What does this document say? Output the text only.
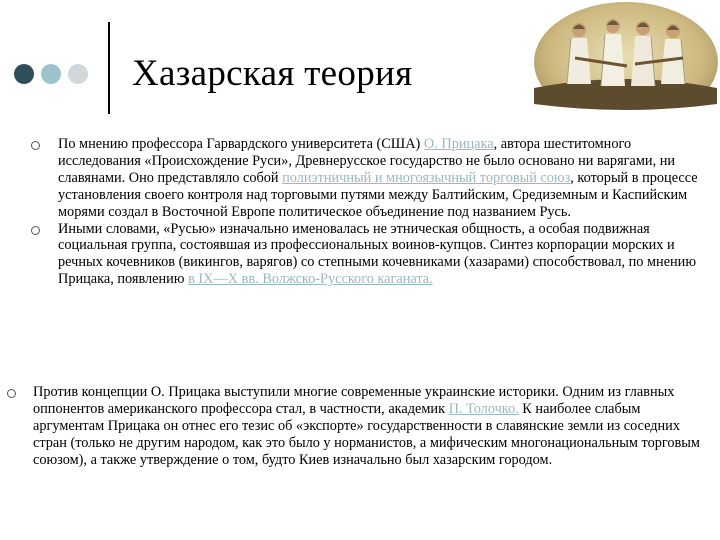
Хазарская теория
По мнению профессора Гарвардского университета (США) О. Прицака, автора шеститомного исследования «Происхождение Руси», Древнерусское государство не было основано ни варягами, ни славянами. Оно представляло собой полиэтничный и многоязычный торговый союз, который в процессе установления своего контроля над торговыми путями между Балтийским, Средиземным и Каспийским морями создал в Восточной Европе политическое объединение под названием Русь.
Иными словами, «Русью» изначально именовалась не этническая общность, а особая подвижная социальная группа, состоявшая из профессиональных воинов-купцов. Синтез корпорации морских и речных кочевников (викингов, варягов) со степными кочевниками (хазарами) способствовал, по мнению Прицака, появлению в IX—X вв. Волжско-Русского каганата.
Против концепции О. Прицака выступили многие современные украинские историки. Одним из главных оппонентов американского профессора стал, в частности, академик П. Толочко. К наиболее слабым аргументам Прицака он отнес его тезис об «экспорте» государственности в славянские земли из соседних стран (только не другим народом, как это было у норманистов, а мифическим многонациональным торговым союзом), а также утверждение о том, будто Киев изначально был хазарским городом.
